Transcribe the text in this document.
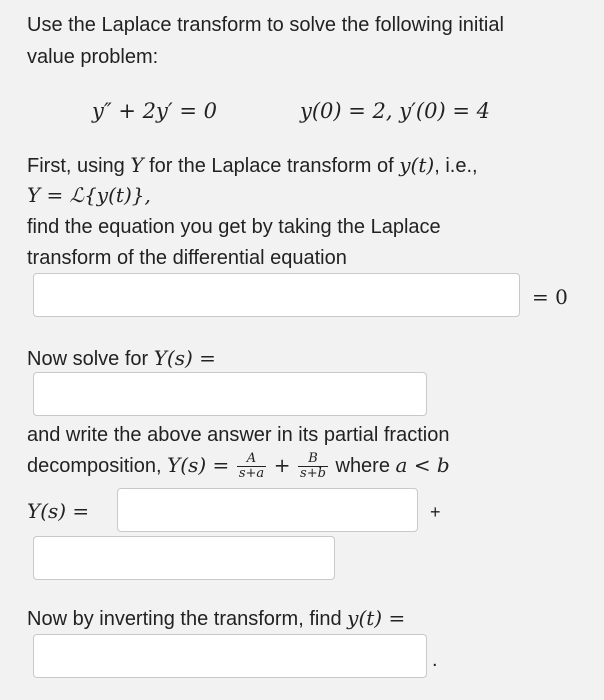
Use the Laplace transform to solve the following initial
value problem:
y″ + 2y′ = 0	y(0) = 2, y′(0) = 4
First, using Y for the Laplace transform of y(t), i.e.,
Y = ℒ{y(t)},
find the equation you get by taking the Laplace
transform of the differential equation
= 0
Now solve for Y(s) =
and write the above answer in its partial fraction
decomposition, $Y(s) = \frac{A}{s+a} + \frac{B}{s+b}$ where a < b
Y(s) =	+
Now by inverting the transform, find y(t) =
.
